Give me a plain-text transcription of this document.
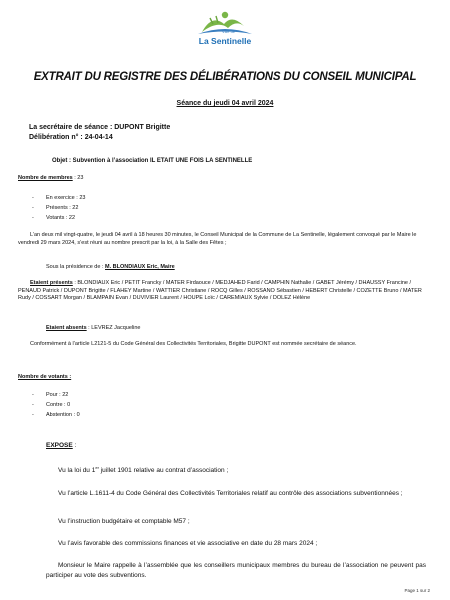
Ville de
La Sentinelle
EXTRAIT DU REGISTRE DES DÉLIBÉRATIONS DU CONSEIL MUNICIPAL
Séance du jeudi 04 avril 2024
La secrétaire de séance : DUPONT Brigitte
Délibération n° : 24-04-14
Objet : Subvention à l’association IL ETAIT UNE FOIS LA SENTINELLE
Nombre de membres : 23
- En exercice : 23
- Présents : 22
- Votants : 22
L’an deux mil vingt-quatre, le jeudi 04 avril à 18 heures 30 minutes, le Conseil Municipal de la Commune de La Sentinelle, légalement convoqué par le Maire le vendredi 29 mars 2024, s’est réuni au nombre prescrit par la loi, à la Salle des Fêtes ;
Sous la présidence de : M. BLONDIAUX Eric, Maire
Etaient présents : BLONDIAUX Eric / PETIT Francky / MATER Firdaouce / MEDJAHED Farid / CAMPHIN Nathalie / GABET Jérémy / DHAUSSY Francine / PENAUD Patrick / DUPONT Brigitte / FLAHEY Martine / WATTIER Christiane / ROCQ Gilles / ROSSANO Sébastien / HEBERT Christelle / COZETTE Bruno / MATER Rudy / COSSART Morgan / BLAMPAIN Evan / DUVIVIER Laurent / HOUPE Loïc / CAREMIAUX Sylvie / DOLEZ Hélène
Etaient absents : LEVREZ Jacqueline
Conformément à l’article L2121-5 du Code Général des Collectivités Territoriales, Brigitte DUPONT est nommée secrétaire de séance.
Nombre de votants :
- Pour : 22
- Contre : 0
- Abstention : 0
EXPOSE :
Vu la loi du 1er juillet 1901 relative au contrat d’association ;
Vu l’article L.1611-4 du Code Général des Collectivités Territoriales relatif au contrôle des associations subventionnées ;
Vu l’instruction budgétaire et comptable M57 ;
Vu l’avis favorable des commissions finances et vie associative en date du 28 mars 2024 ;
Monsieur le Maire rappelle à l’assemblée que les conseillers municipaux membres du bureau de l’association ne peuvent pas participer au vote des subventions.
Page 1 sur 2
